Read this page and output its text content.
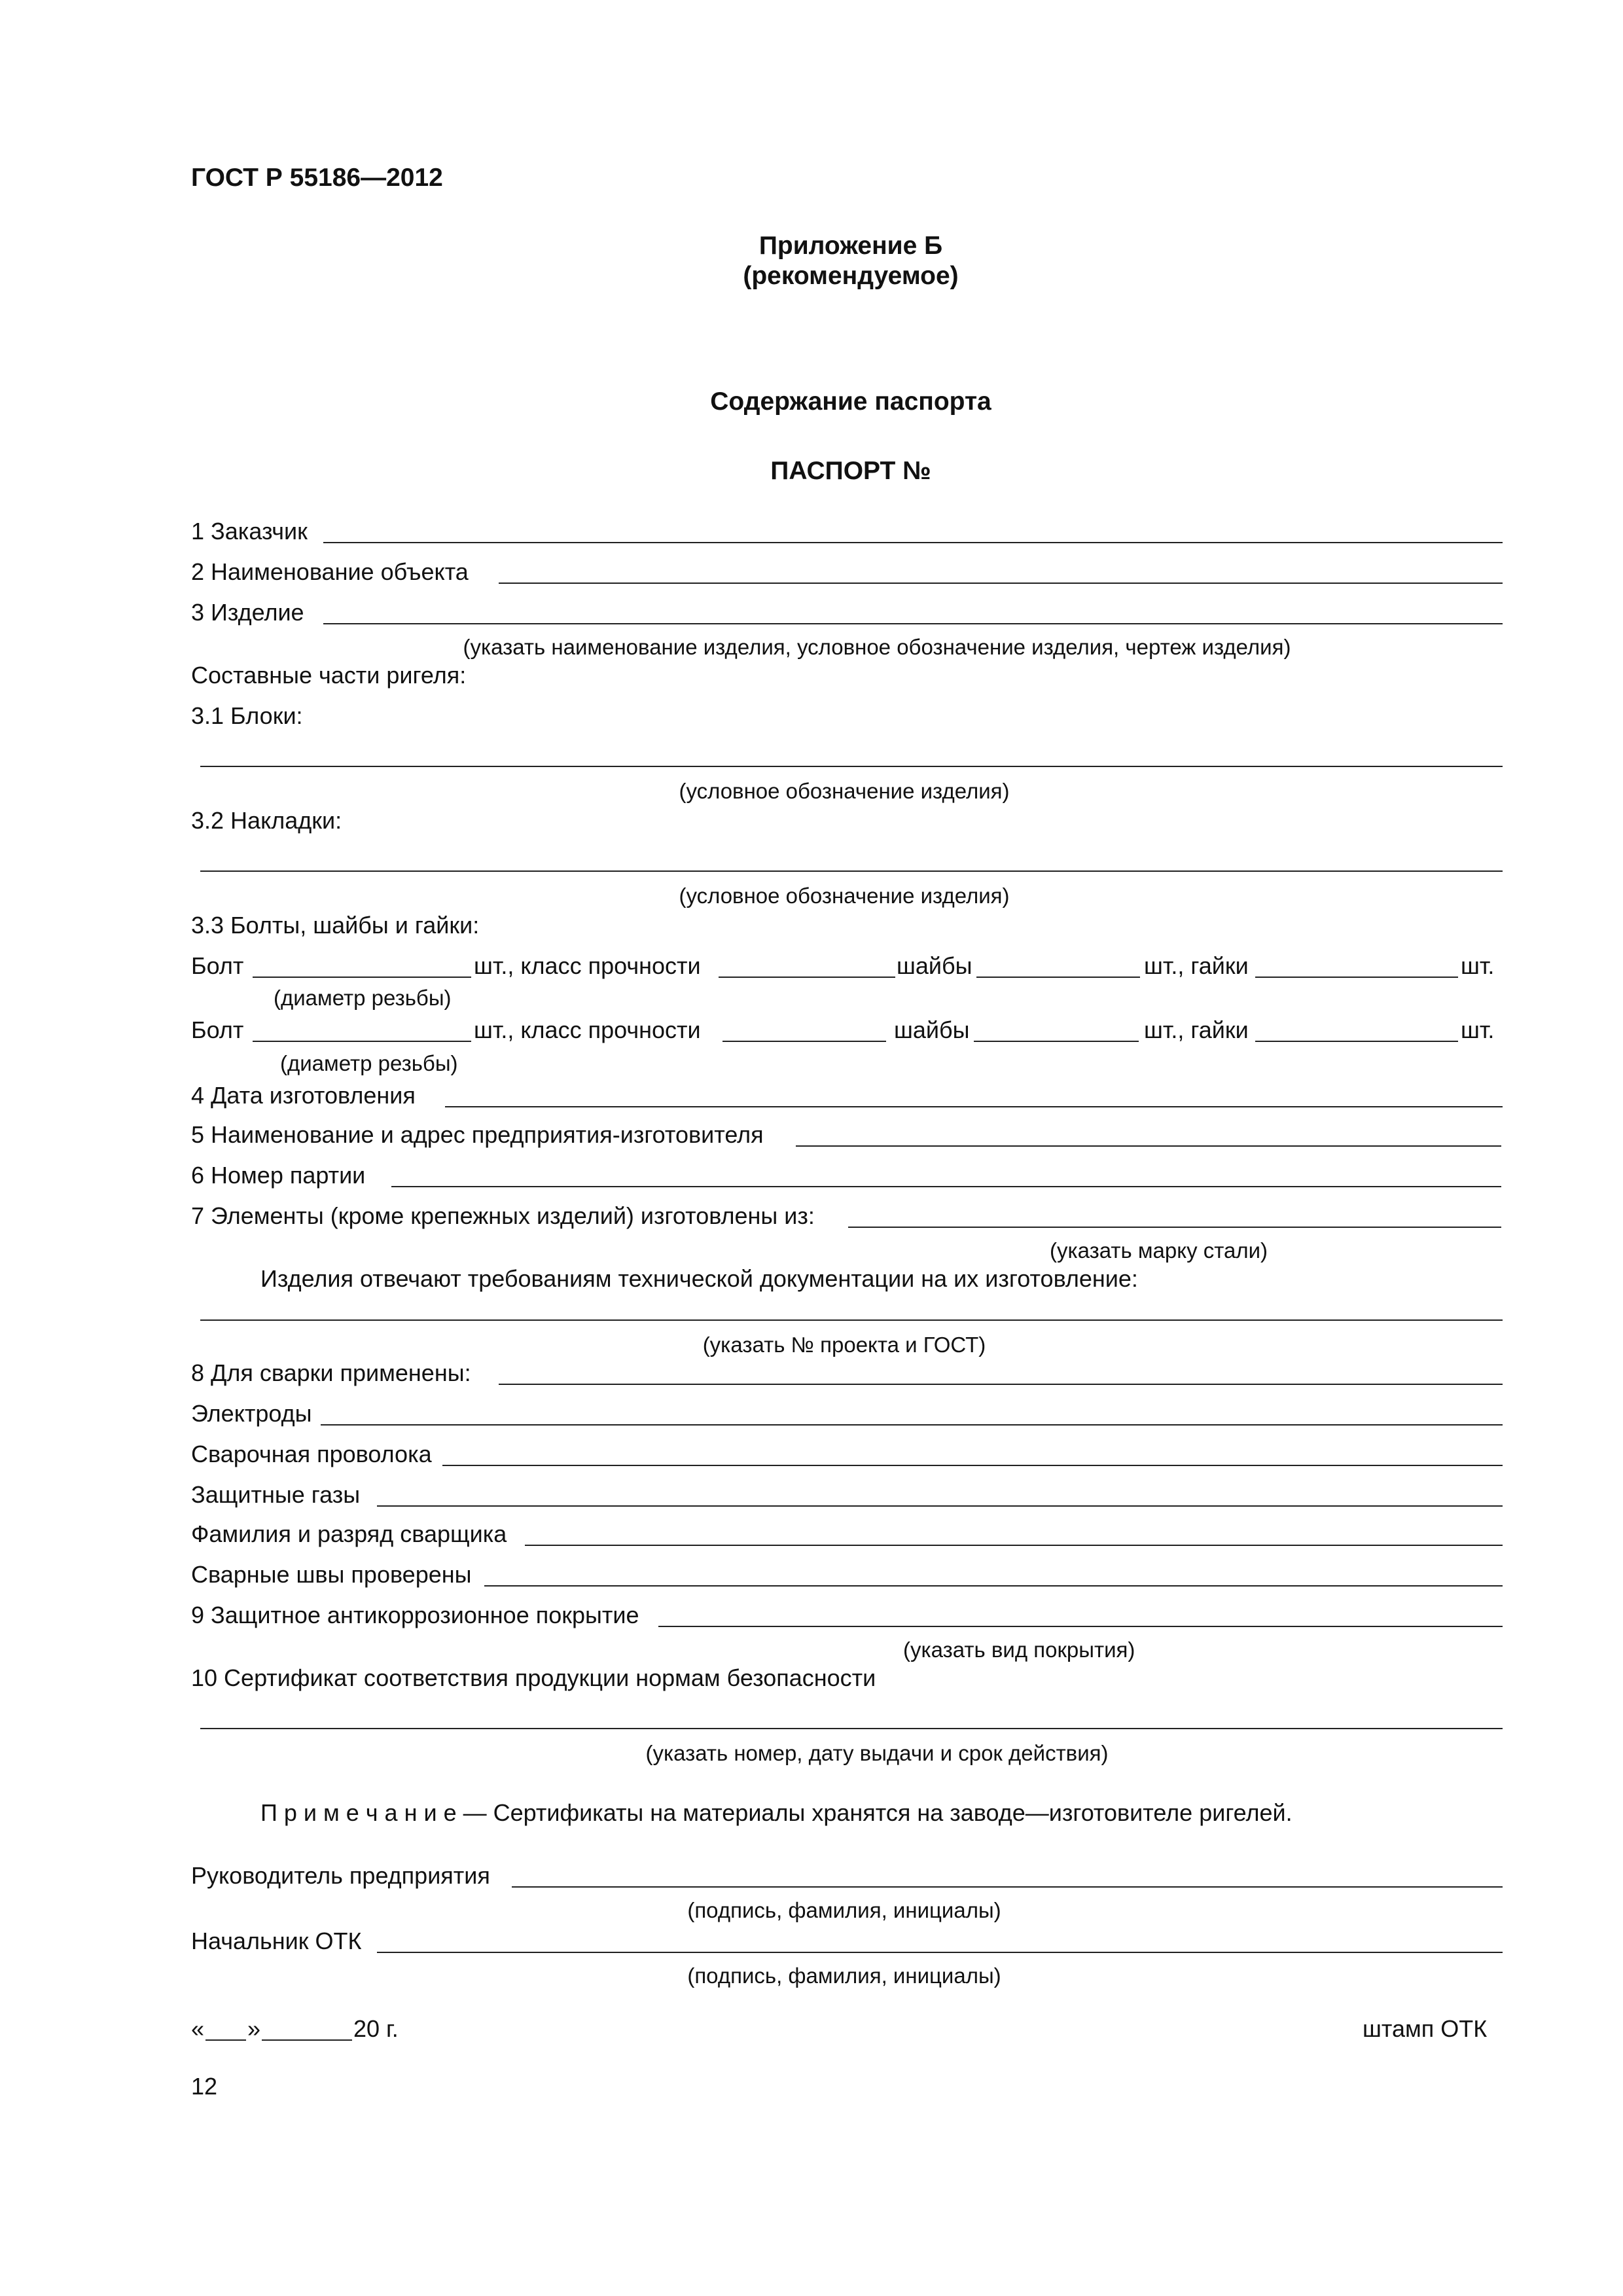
ГОСТ Р 55186—2012
Приложение Б
(рекомендуемое)
Содержание паспорта
ПАСПОРТ №
1 Заказчик
2 Наименование объекта
3 Изделие
(указать наименование изделия, условное обозначение изделия, чертеж изделия)
Составные части ригеля:
3.1 Блоки:
(условное обозначение изделия)
3.2 Накладки:
(условное обозначение изделия)
3.3 Болты, шайбы и гайки:
Болт	шт., класс прочности	шайбы	шт., гайки	шт.
(диаметр резьбы)
Болт	шт., класс прочности	шайбы	шт., гайки	шт.
(диаметр резьбы)
4 Дата изготовления
5 Наименование и адрес предприятия-изготовителя
6 Номер партии
7 Элементы (кроме крепежных изделий) изготовлены из:
(указать марку стали)
Изделия отвечают требованиям технической документации на их изготовление:
(указать № проекта и ГОСТ)
8 Для сварки применены:
Электроды
Сварочная проволока
Защитные газы
Фамилия и разряд сварщика
Сварные швы проверены
9 Защитное антикоррозионное покрытие
(указать вид покрытия)
10 Сертификат соответствия продукции нормам безопасности
(указать номер, дату выдачи и срок действия)
П р и м е ч а н и е — Сертификаты на материалы хранятся на заводе—изготовителе ригелей.
Руководитель предприятия
(подпись, фамилия, инициалы)
Начальник ОТК
(подпись, фамилия, инициалы)
« »	20 г.	штамп ОТК
12
